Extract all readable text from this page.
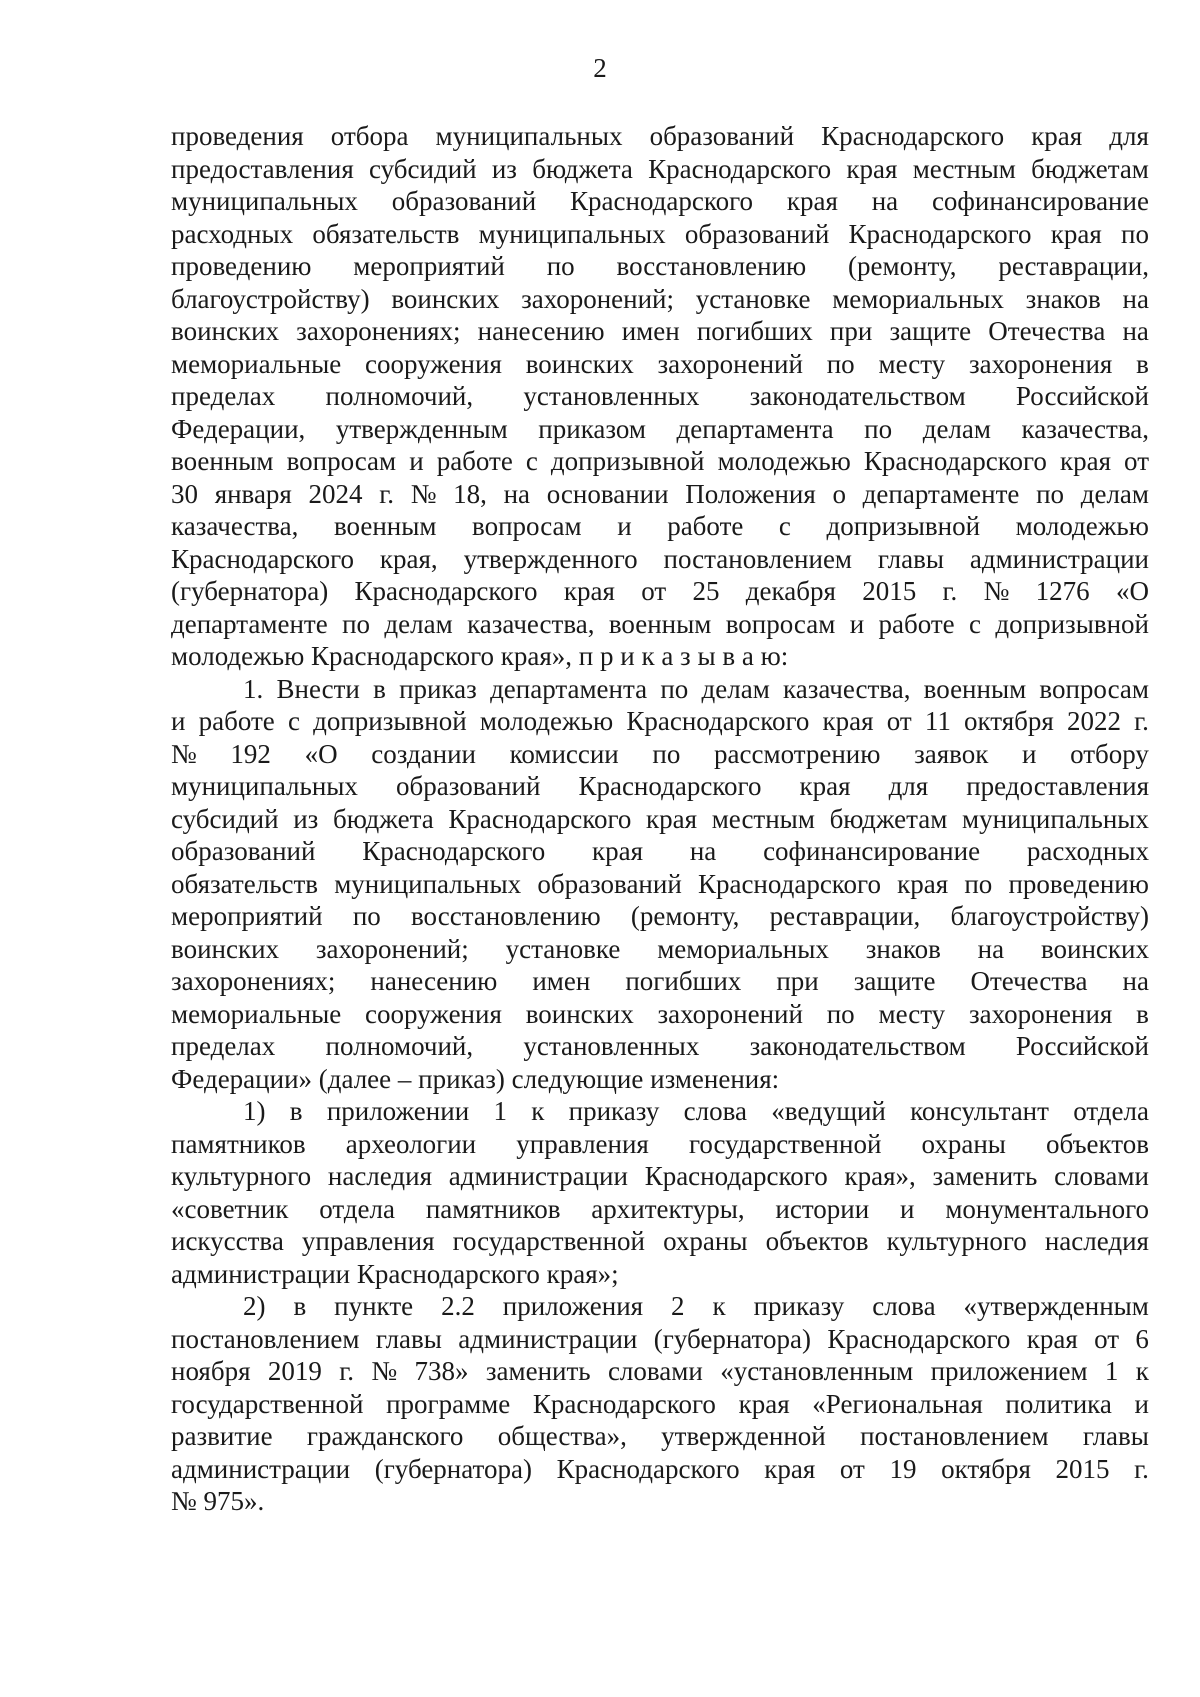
2
проведения отбора муниципальных образований Краснодарского края для
предоставления субсидий из бюджета Краснодарского края местным бюджетам
муниципальных образований Краснодарского края на софинансирование
расходных обязательств муниципальных образований Краснодарского края по
проведению мероприятий по восстановлению (ремонту, реставрации,
благоустройству) воинских захоронений; установке мемориальных знаков на
воинских захоронениях; нанесению имен погибших при защите Отечества на
мемориальные сооружения воинских захоронений по месту захоронения в
пределах полномочий, установленных законодательством Российской
Федерации, утвержденным приказом департамента по делам казачества,
военным вопросам и работе с допризывной молодежью Краснодарского края от
30 января 2024 г. № 18, на основании Положения о департаменте по делам
казачества, военным вопросам и работе с допризывной молодежью
Краснодарского края, утвержденного постановлением главы администрации
(губернатора) Краснодарского края от 25 декабря 2015 г. № 1276 «О
департаменте по делам казачества, военным вопросам и работе с допризывной
молодежью Краснодарского края», п р и к а з ы в а ю:
1. Внести в приказ департамента по делам казачества, военным вопросам
и работе с допризывной молодежью Краснодарского края от 11 октября 2022 г.
№ 192 «О создании комиссии по рассмотрению заявок и отбору
муниципальных образований Краснодарского края для предоставления
субсидий из бюджета Краснодарского края местным бюджетам муниципальных
образований Краснодарского края на софинансирование расходных
обязательств муниципальных образований Краснодарского края по проведению
мероприятий по восстановлению (ремонту, реставрации, благоустройству)
воинских захоронений; установке мемориальных знаков на воинских
захоронениях; нанесению имен погибших при защите Отечества на
мемориальные сооружения воинских захоронений по месту захоронения в
пределах полномочий, установленных законодательством Российской
Федерации» (далее – приказ) следующие изменения:
1) в приложении 1 к приказу слова «ведущий консультант отдела
памятников археологии управления государственной охраны объектов
культурного наследия администрации Краснодарского края», заменить словами
«советник отдела памятников архитектуры, истории и монументального
искусства управления государственной охраны объектов культурного наследия
администрации Краснодарского края»;
2) в пункте 2.2 приложения 2 к приказу слова «утвержденным
постановлением главы администрации (губернатора) Краснодарского края от 6
ноября 2019 г. № 738» заменить словами «установленным приложением 1 к
государственной программе Краснодарского края «Региональная политика и
развитие гражданского общества», утвержденной постановлением главы
администрации (губернатора) Краснодарского края от 19 октября 2015 г.
№ 975».
